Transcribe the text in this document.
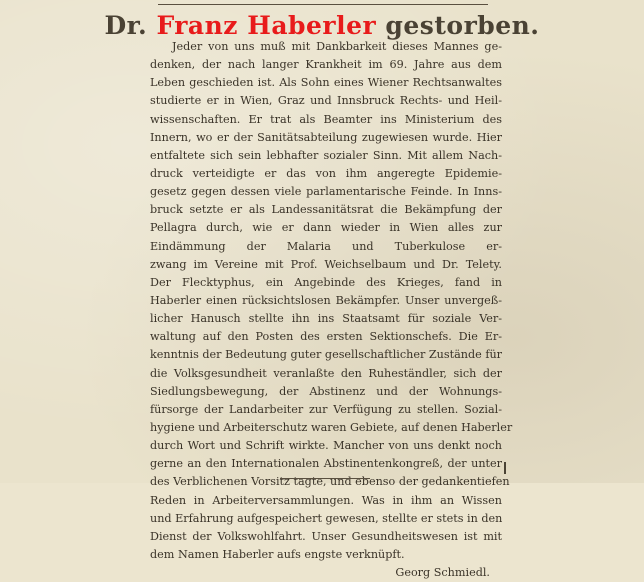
Dr. Franz Haberler gestorben.
Jeder von uns muß mit Dankbarkeit dieses Mannes ge-
denken, der nach langer Krankheit im 69. Jahre aus dem
Leben geschieden ist. Als Sohn eines Wiener Rechtsanwaltes
studierte er in Wien, Graz und Innsbruck Rechts- und Heil-
wissenschaften. Er trat als Beamter ins Ministerium des
Innern, wo er der Sanitätsabteilung zugewiesen wurde. Hier
entfaltete sich sein lebhafter sozialer Sinn. Mit allem Nach-
druck verteidigte er das von ihm angeregte Epidemie-
gesetz gegen dessen viele parlamentarische Feinde. In Inns-
bruck setzte er als Landessanitätsrat die Bekämpfung der
Pellagra durch, wie er dann wieder in Wien alles zur
Eindämmung der Malaria und Tuberkulose er-
zwang im Vereine mit Prof. Weichselbaum und Dr. Telety.
Der Flecktyphus, ein Angebinde des Krieges, fand in
Haberler einen rücksichtslosen Bekämpfer. Unser unvergeß-
licher Hanusch stellte ihn ins Staatsamt für soziale Ver-
waltung auf den Posten des ersten Sektionschefs. Die Er-
kenntnis der Bedeutung guter gesellschaftlicher Zustände für
die Volksgesundheit veranlaßte den Ruheständler, sich der
Siedlungsbewegung, der Abstinenz und der Wohnungs-
fürsorge der Landarbeiter zur Verfügung zu stellen. Sozial-
hygiene und Arbeiterschutz waren Gebiete, auf denen Haberler
durch Wort und Schrift wirkte. Mancher von uns denkt noch
gerne an den Internationalen Abstinentenkongreß, der unter
des Verblichenen Vorsitz tagte, und ebenso der gedankentiefen
Reden in Arbeiterversammlungen. Was in ihm an Wissen
und Erfahrung aufgespeichert gewesen, stellte er stets in den
Dienst der Volkswohlfahrt. Unser Gesundheitswesen ist mit
dem Namen Haberler aufs engste verknüpft.
Georg Schmiedl.
